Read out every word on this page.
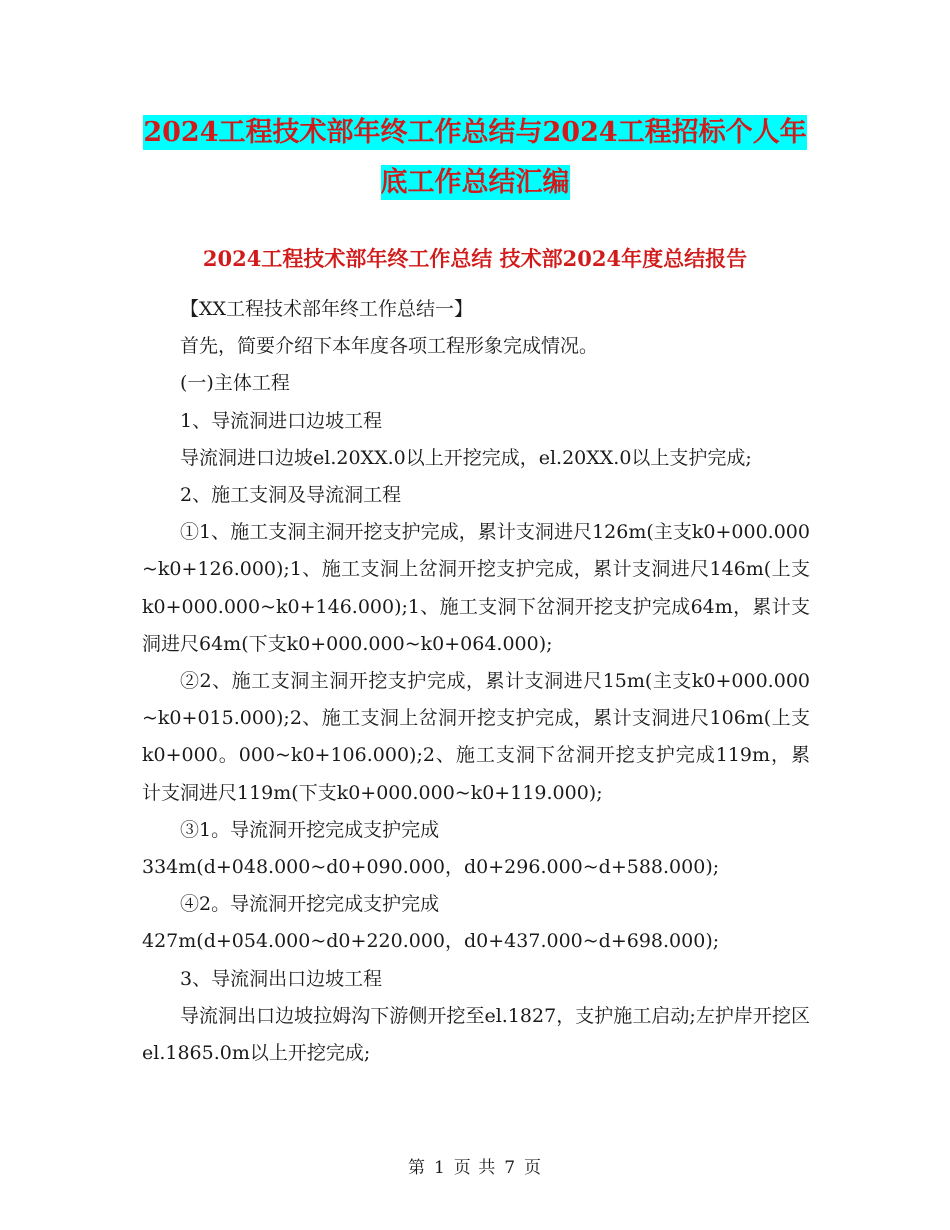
2024工程技术部年终工作总结与2024工程招标个人年
底工作总结汇编
2024工程技术部年终工作总结 技术部2024年度总结报告

【XX工程技术部年终工作总结一】

首先，简要介绍下本年度各项工程形象完成情况。

(一)主体工程

1、导流洞进口边坡工程

导流洞进口边坡el.20XX.0以上开挖完成，el.20XX.0以上支护完成;

2、施工支洞及导流洞工程

①1、施工支洞主洞开挖支护完成，累计支洞进尺126m(主支k0+000.000~k0+126.000);1、施工支洞上岔洞开挖支护完成，累计支洞进尺146m(上支k0+000.000~k0+146.000);1、施工支洞下岔洞开挖支护完成64m，累计支洞进尺64m(下支k0+000.000~k0+064.000);

②2、施工支洞主洞开挖支护完成，累计支洞进尺15m(主支k0+000.000~k0+015.000);2、施工支洞上岔洞开挖支护完成，累计支洞进尺106m(上支k0+000。000~k0+106.000);2、施工支洞下岔洞开挖支护完成119m，累计支洞进尺119m(下支k0+000.000~k0+119.000);

③1。导流洞开挖完成支护完成

334m(d+048.000~d0+090.000，d0+296.000~d+588.000);

④2。导流洞开挖完成支护完成

427m(d+054.000~d0+220.000，d0+437.000~d+698.000);

3、导流洞出口边坡工程

导流洞出口边坡拉姆沟下游侧开挖至el.1827，支护施工启动;左护岸开挖区el.1865.0m以上开挖完成;

第 1 页 共 7 页
